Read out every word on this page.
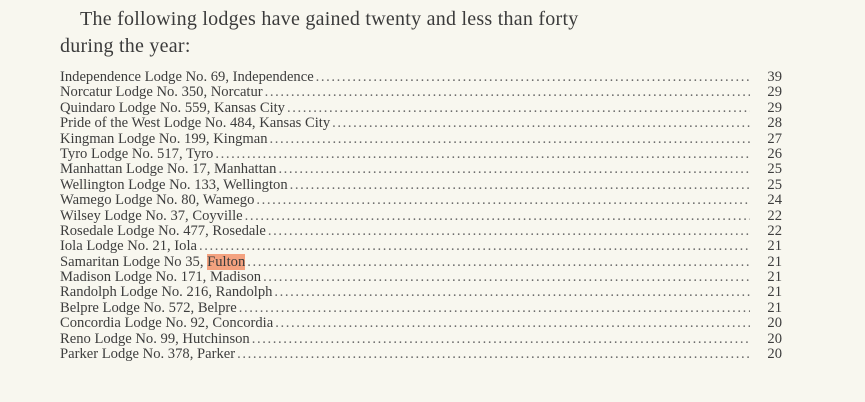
The following lodges have gained twenty and less than forty
during the year:
Independence Lodge No. 69, Independence .....	39
Norcatur Lodge No. 350, Norcatur .....	29
Quindaro Lodge No. 559, Kansas City .....	29
Pride of the West Lodge No. 484, Kansas City .....	28
Kingman Lodge No. 199, Kingman .....	27
Tyro Lodge No. 517, Tyro .....	26
Manhattan Lodge No. 17, Manhattan .....	25
Wellington Lodge No. 133, Wellington .....	25
Wamego Lodge No. 80, Wamego .....	24
Wilsey Lodge No. 37, Coyville .....	22
Rosedale Lodge No. 477, Rosedale .....	22
Iola Lodge No. 21, Iola .....	21
Samaritan Lodge No 35, Fulton .....	21
Madison Lodge No. 171, Madison .....	21
Randolph Lodge No. 216, Randolph .....	21
Belpre Lodge No. 572, Belpre .....	21
Concordia Lodge No. 92, Concordia .....	20
Reno Lodge No. 99, Hutchinson .....	20
Parker Lodge No. 378, Parker .....	20
